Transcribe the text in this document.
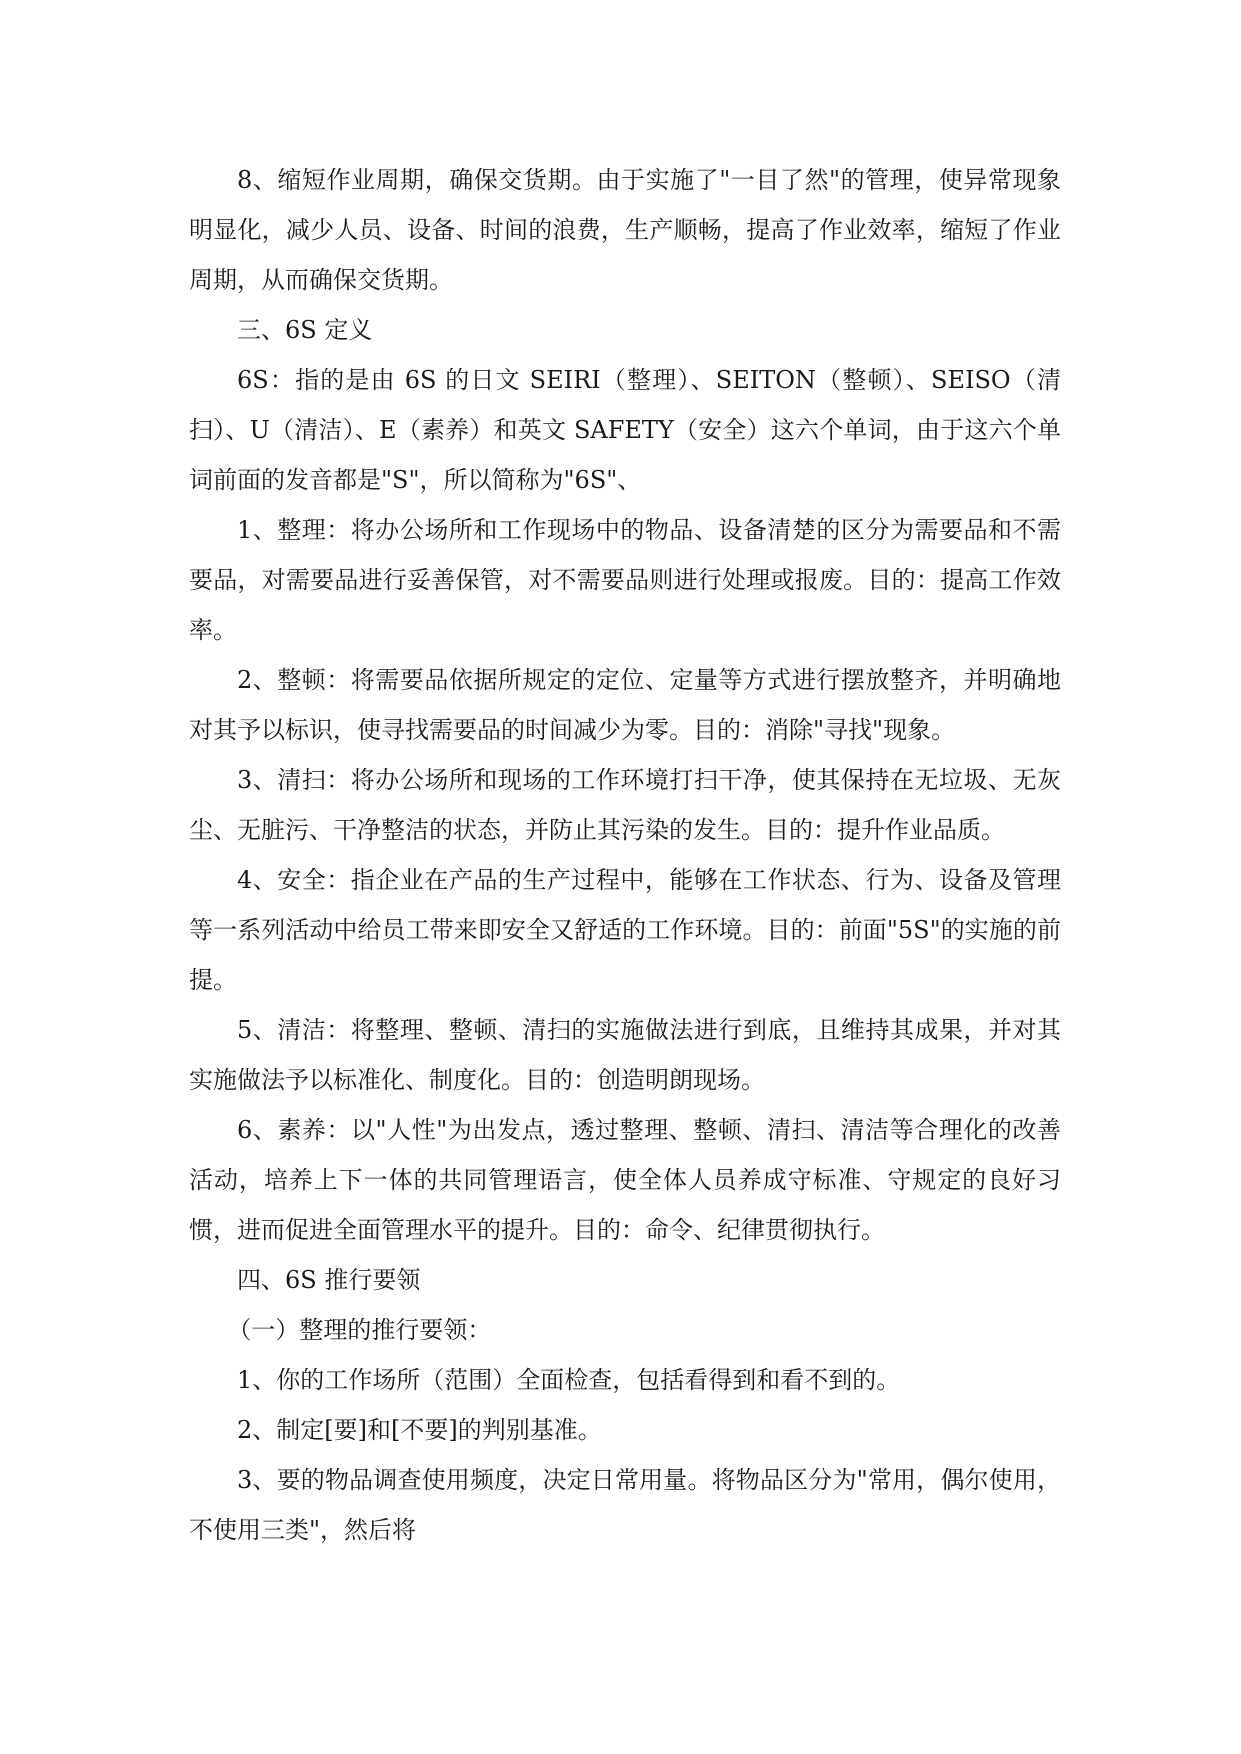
8、缩短作业周期，确保交货期。由于实施了"一目了然"的管理，使异常现象明显化，减少人员、设备、时间的浪费，生产顺畅，提高了作业效率，缩短了作业周期，从而确保交货期。

三、6S 定义

6S：指的是由 6S 的日文 SEIRI（整理）、SEITON（整顿）、SEISO（清扫）、U（清洁）、E（素养）和英文 SAFETY（安全）这六个单词，由于这六个单词前面的发音都是"S"，所以简称为"6S"、

1、整理：将办公场所和工作现场中的物品、设备清楚的区分为需要品和不需要品，对需要品进行妥善保管，对不需要品则进行处理或报废。目的：提高工作效率。

2、整顿：将需要品依据所规定的定位、定量等方式进行摆放整齐，并明确地对其予以标识，使寻找需要品的时间减少为零。目的：消除"寻找"现象。

3、清扫：将办公场所和现场的工作环境打扫干净，使其保持在无垃圾、无灰尘、无脏污、干净整洁的状态，并防止其污染的发生。目的：提升作业品质。

4、安全：指企业在产品的生产过程中，能够在工作状态、行为、设备及管理等一系列活动中给员工带来即安全又舒适的工作环境。目的：前面"5S"的实施的前提。

5、清洁：将整理、整顿、清扫的实施做法进行到底，且维持其成果，并对其实施做法予以标准化、制度化。目的：创造明朗现场。

6、素养：以"人性"为出发点，透过整理、整顿、清扫、清洁等合理化的改善活动，培养上下一体的共同管理语言，使全体人员养成守标准、守规定的良好习惯，进而促进全面管理水平的提升。目的：命令、纪律贯彻执行。

四、6S 推行要领

（一）整理的推行要领：

1、你的工作场所（范围）全面检查，包括看得到和看不到的。

2、制定[要]和[不要]的判别基准。

3、要的物品调查使用频度，决定日常用量。将物品区分为"常用，偶尔使用，不使用三类"，然后将
